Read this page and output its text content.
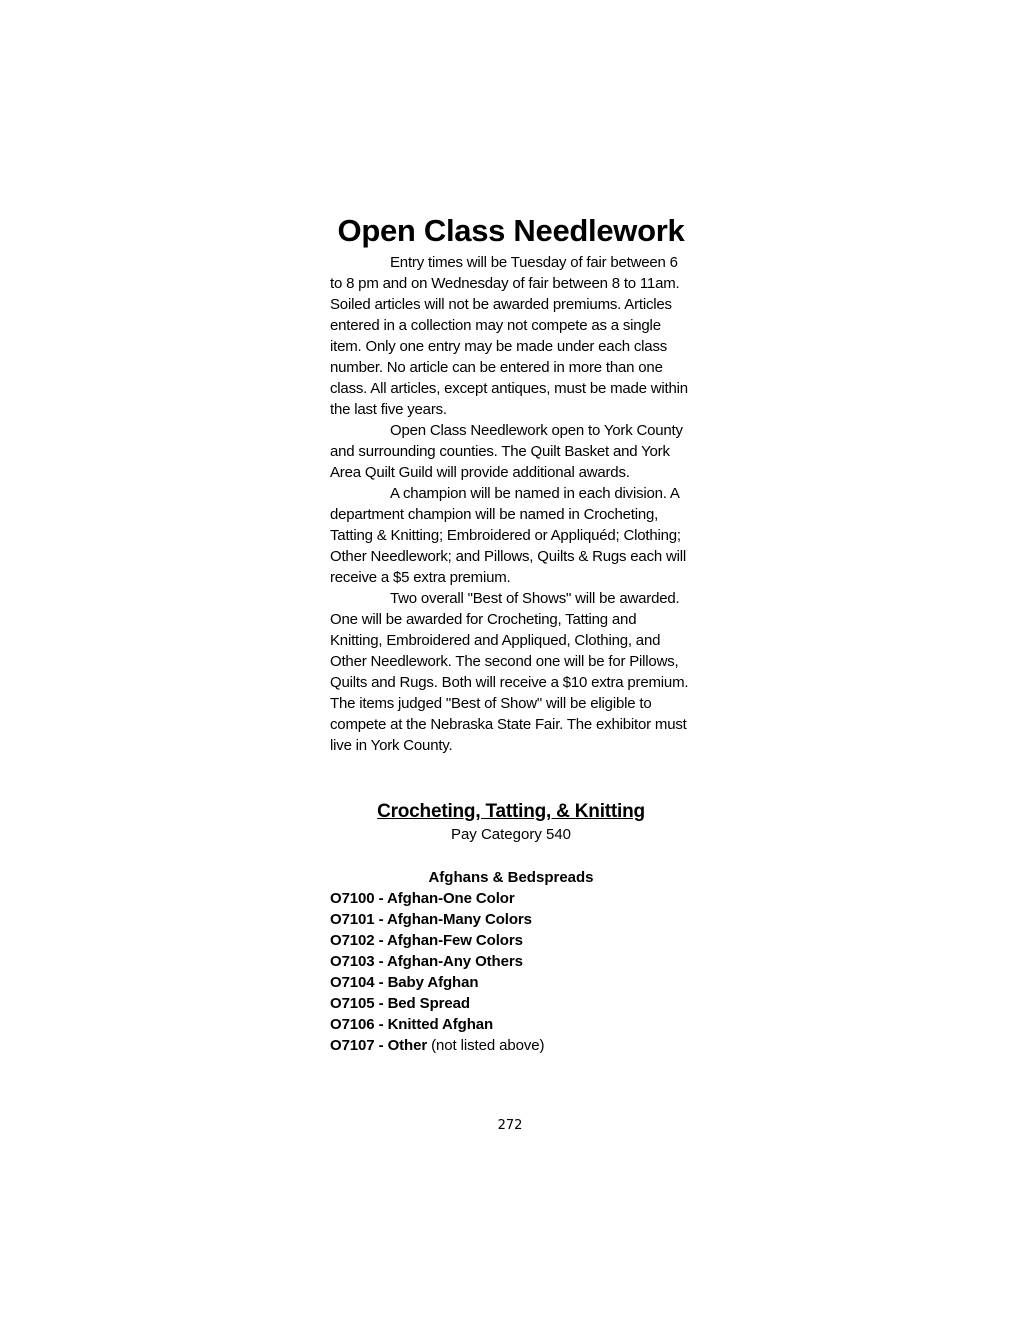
Open Class Needlework

Entry times will be Tuesday of fair between 6 to 8 pm and on Wednesday of fair between 8 to 11am. Soiled articles will not be awarded premiums. Articles entered in a collection may not compete as a single item. Only one entry may be made under each class number. No article can be entered in more than one class. All articles, except antiques, must be made within the last five years.

Open Class Needlework open to York County and surrounding counties. The Quilt Basket and York Area Quilt Guild will provide additional awards.

A champion will be named in each division. A department champion will be named in Crocheting, Tatting & Knitting; Embroidered or Appliquéd; Clothing; Other Needlework; and Pillows, Quilts & Rugs each will receive a $5 extra premium.

Two overall "Best of Shows" will be awarded. One will be awarded for Crocheting, Tatting and Knitting, Embroidered and Appliqued, Clothing, and Other Needlework. The second one will be for Pillows, Quilts and Rugs. Both will receive a $10 extra premium. The items judged "Best of Show" will be eligible to compete at the Nebraska State Fair. The exhibitor must live in York County.

Crocheting, Tatting, & Knitting

Pay Category 540

Afghans & Bedspreads
O7100 - Afghan-One Color
O7101 - Afghan-Many Colors
O7102 - Afghan-Few Colors
O7103 - Afghan-Any Others
O7104 - Baby Afghan
O7105 - Bed Spread
O7106 - Knitted Afghan
O7107 - Other (not listed above)
272
